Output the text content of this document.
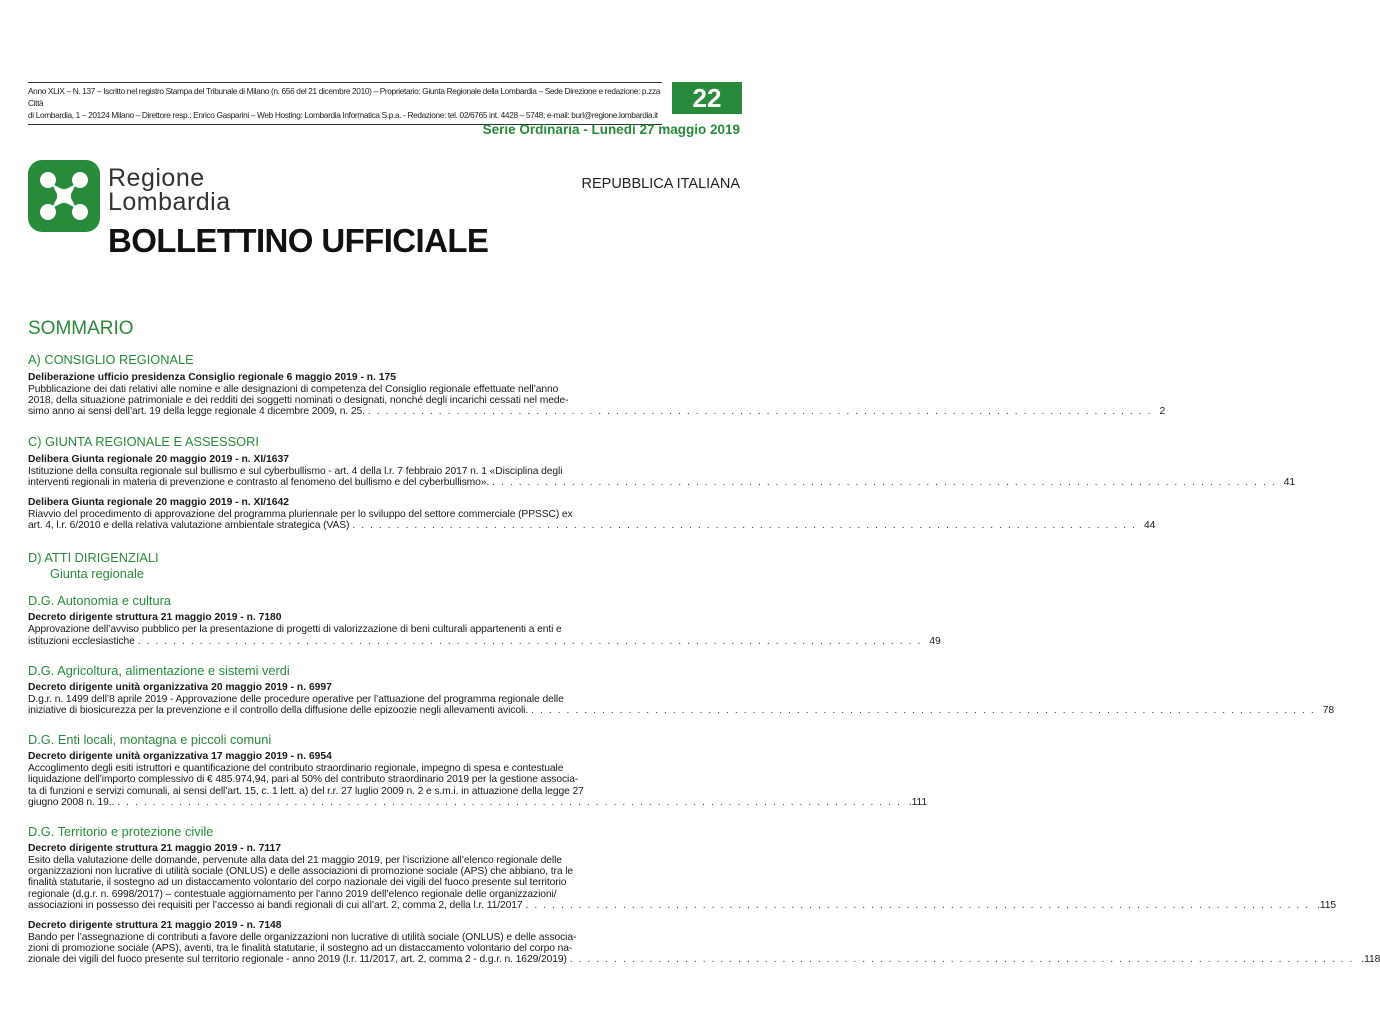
Anno XLIX – N. 137 – Iscritto nel registro Stampa del Tribunale di Milano (n. 656 del 21 dicembre 2010) – Proprietario: Giunta Regionale della Lombardia – Sede Direzione e redazione: p.zza Città
di Lombardia, 1 – 20124 Milano – Direttore resp.: Enrico Gasparini – Web Hosting: Lombardia Informatica S.p.a. - Redazione: tel. 02/6765 int. 4428 – 5748; e-mail: burl@regione.lombardia.it
22
Serie Ordinaria - Lunedì 27 maggio 2019
Regione
Lombardia
REPUBBLICA ITALIANA
BOLLETTINO UFFICIALE
SOMMARIO
A) CONSIGLIO REGIONALE
Deliberazione ufficio presidenza Consiglio regionale 6 maggio 2019 - n. 175
Pubblicazione dei dati relativi alle nomine e alle designazioni di competenza del Consiglio regionale effettuate nell’anno
2018, della situazione patrimoniale e dei redditi dei soggetti nominati o designati, nonché degli incarichi cessati nel mede-
simo anno ai sensi dell’art. 19 della legge regionale 4 dicembre 2009, n. 25. ......................................................................................... 2
C) GIUNTA REGIONALE E ASSESSORI
Delibera Giunta regionale 20 maggio 2019 - n. XI/1637
Istituzione della consulta regionale sul bullismo e sul cyberbullismo - art. 4 della l.r. 7 febbraio 2017 n. 1 «Disciplina degli
interventi regionali in materia di prevenzione e contrasto al fenomeno del bullismo e del cyberbullismo». ......................................................................................... 41
Delibera Giunta regionale 20 maggio 2019 - n. XI/1642
Riavvio del procedimento di approvazione del programma pluriennale per lo sviluppo del settore commerciale (PPSSC) ex
art. 4, l.r. 6/2010 e della relativa valutazione ambientale strategica (VAS) ......................................................................................... 44
D) ATTI DIRIGENZIALI
Giunta regionale
D.G. Autonomia e cultura
Decreto dirigente struttura 21 maggio 2019 - n. 7180
Approvazione dell’avviso pubblico per la presentazione di progetti di valorizzazione di beni culturali appartenenti a enti e
istituzioni ecclesiastiche ......................................................................................... 49
D.G. Agricoltura, alimentazione e sistemi verdi
Decreto dirigente unità organizzativa 20 maggio 2019 - n. 6997
D.g.r. n. 1499 dell’8 aprile 2019 - Approvazione delle procedure operative per l’attuazione del programma regionale delle
iniziative di biosicurezza per la prevenzione e il controllo della diffusione delle epizoozie negli allevamenti avicoli. ......................................................................................... 78
D.G. Enti locali, montagna e piccoli comuni
Decreto dirigente unità organizzativa 17 maggio 2019 - n. 6954
Accoglimento degli esiti istruttori e quantificazione del contributo straordinario regionale, impegno di spesa e contestuale
liquidazione dell’importo complessivo di € 485.974,94, pari al 50% del contributo straordinario 2019 per la gestione associa-
ta di funzioni e servizi comunali, ai sensi dell’art. 15, c. 1 lett. a) del r.r. 27 luglio 2009 n. 2 e s.m.i. in attuazione della legge 27
giugno 2008 n. 19.. ......................................................................................... .111
D.G. Territorio e protezione civile
Decreto dirigente struttura 21 maggio 2019 - n. 7117
Esito della valutazione delle domande, pervenute alla data del 21 maggio 2019, per l’iscrizione all’elenco regionale delle
organizzazioni non lucrative di utilità sociale (ONLUS) e delle associazioni di promozione sociale (APS) che abbiano, tra le
finalità statutarie, il sostegno ad un distaccamento volontario del corpo nazionale dei vigili del fuoco presente sul territorio
regionale (d.g.r. n. 6998/2017) – contestuale aggiornamento per l’anno 2019 dell’elenco regionale delle organizzazioni/
associazioni in possesso dei requisiti per l’accesso ai bandi regionali di cui all’art. 2, comma 2, della l.r. 11/2017 ......................................................................................... .115
Decreto dirigente struttura 21 maggio 2019 - n. 7148
Bando per l’assegnazione di contributi a favore delle organizzazioni non lucrative di utilità sociale (ONLUS) e delle associa-
zioni di promozione sociale (APS), aventi, tra le finalità statutarie, il sostegno ad un distaccamento volontario del corpo na-
zionale dei vigili del fuoco presente sul territorio regionale - anno 2019 (l.r. 11/2017, art. 2, comma 2 - d.g.r. n. 1629/2019) ......................................................................................... .118
